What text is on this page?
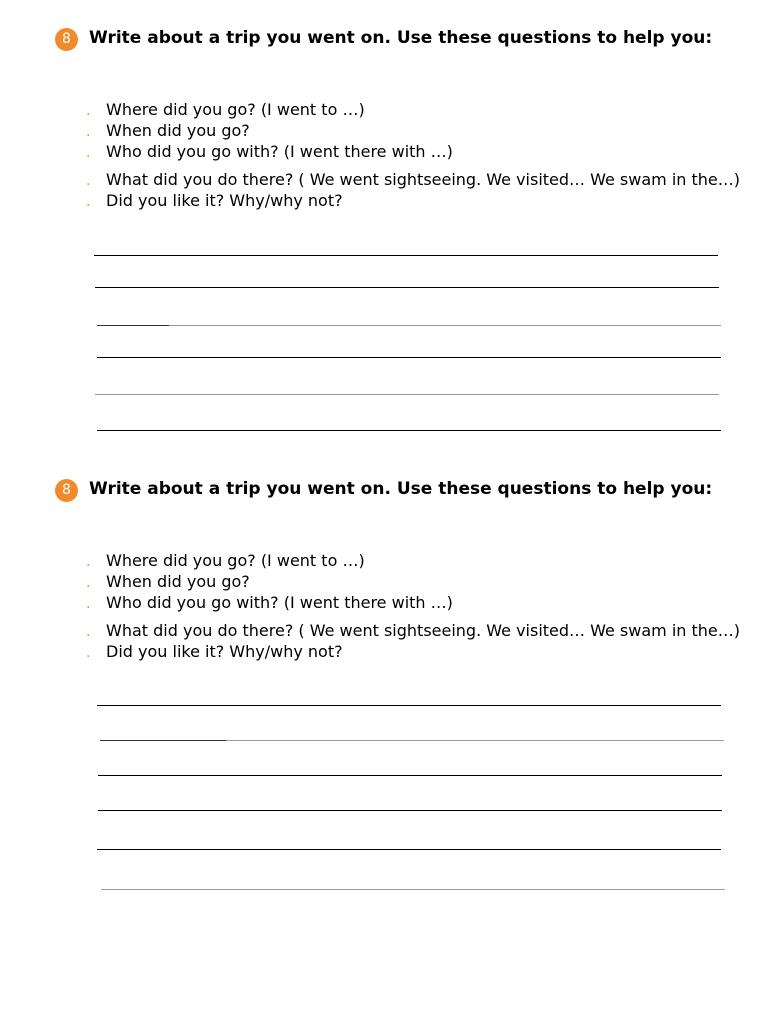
8	Write about a trip you went on. Use these questions to help you:
. Where did you go? (I went to …)
. When did you go?
. Who did you go with? (I went there with …)
. What did you do there? ( We went sightseeing. We visited… We swam in the…)
. Did you like it? Why/why not?
8	Write about a trip you went on. Use these questions to help you:
. Where did you go? (I went to …)
. When did you go?
. Who did you go with? (I went there with …)
. What did you do there? ( We went sightseeing. We visited… We swam in the…)
. Did you like it? Why/why not?
